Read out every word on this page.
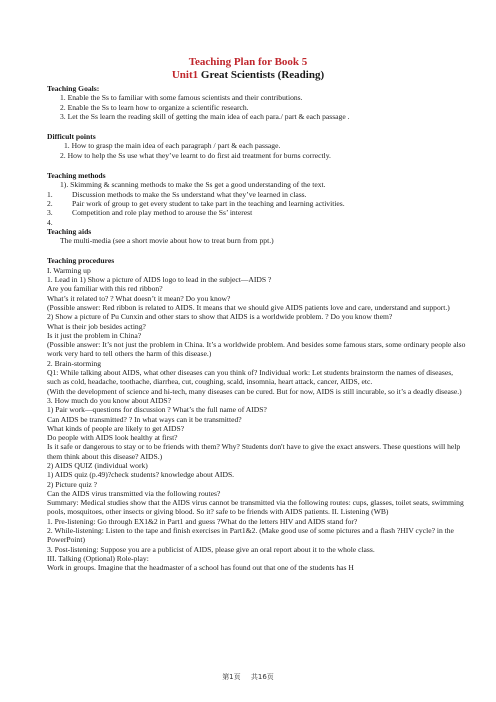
Teaching Plan for Book 5
Unit1 Great Scientists (Reading)
Teaching Goals:
1. Enable the Ss to familiar with some famous scientists and their contributions.
2. Enable the Ss to learn how to organize a scientific research.
3. Let the Ss learn the reading skill of getting the main idea of each para./ part & each passage .
Difficult points
1. How to grasp the main idea of each paragraph / part & each passage.
2. How to help the Ss use what they’ve learnt to do first aid treatment for burns correctly.
Teaching methods
1). Skimming & scanning methods to make the Ss get a good understanding of the text.
1.	Discussion methods to make the Ss understand what they’ve learned in class.
2.	Pair work of group to get every student to take part in the teaching and learning activities.
3.	Competition and role play method to arouse the Ss’ interest
4.
Teaching aids
The multi-media (see a short movie about how to treat burn from ppt.)
Teaching procedures
I. Warming up
1. Lead in 1) Show a picture of AIDS logo to lead in the subject—AIDS ?
Are you familiar with this red ribbon?
What’s it related to? ? What doesn’t it mean? Do you know?
(Possible answer: Red ribbon is related to AIDS. It means that we should give AIDS patients love and care, understand and support.)
2) Show a picture of Pu Cunxin and other stars to show that AIDS is a worldwide problem. ? Do you know them?
What is their job besides acting?
Is it just the problem in China?
(Possible answer: It’s not just the problem in China. It’s a worldwide problem. And besides some famous stars, some ordinary people also work very hard to tell others the harm of this disease.)
2. Brain-storming
Q1: While talking about AIDS, what other diseases can you think of? Individual work: Let students brainstorm the names of diseases, such as cold, headache, toothache, diarrhea, cut, coughing, scald, insomnia, heart attack, cancer, AIDS, etc.
(With the development of science and hi-tech, many diseases can be cured. But for now, AIDS is still incurable, so it’s a deadly disease.)
3. How much do you know about AIDS?
1) Pair work—questions for discussion ? What’s the full name of AIDS?
Can AIDS be transmitted? ? In what ways can it be transmitted?
What kinds of people are likely to get AIDS?
Do people with AIDS look healthy at first?
Is it safe or dangerous to stay or to be friends with them? Why? Students don't have to give the exact answers. These questions will help them think about this disease? AIDS.)
2) AIDS QUIZ (individual work)
1) AIDS quiz (p.49)?check students? knowledge about AIDS.
2) Picture quiz ?
Can the AIDS virus transmitted via the following routes?
Summary: Medical studies show that the AIDS virus cannot be transmitted via the following routes: cups, glasses, toilet seats, swimming pools, mosquitoes, other insects or giving blood. So it? safe to be friends with AIDS patients. II. Listening (WB)
1. Pre-listening: Go through EX1&2 in Part1 and guess ?What do the letters HIV and AIDS stand for?
2. While-listening: Listen to the tape and finish exercises in Part1&2. (Make good use of some pictures and a flash ?HIV cycle? in the PowerPoint)
3. Post-listening: Suppose you are a publicist of AIDS, please give an oral report about it to the whole class.
III. Talking (Optional) Role-play:
Work in groups. Imagine that the headmaster of a school has found out that one of the students has H
第1页 共16页
